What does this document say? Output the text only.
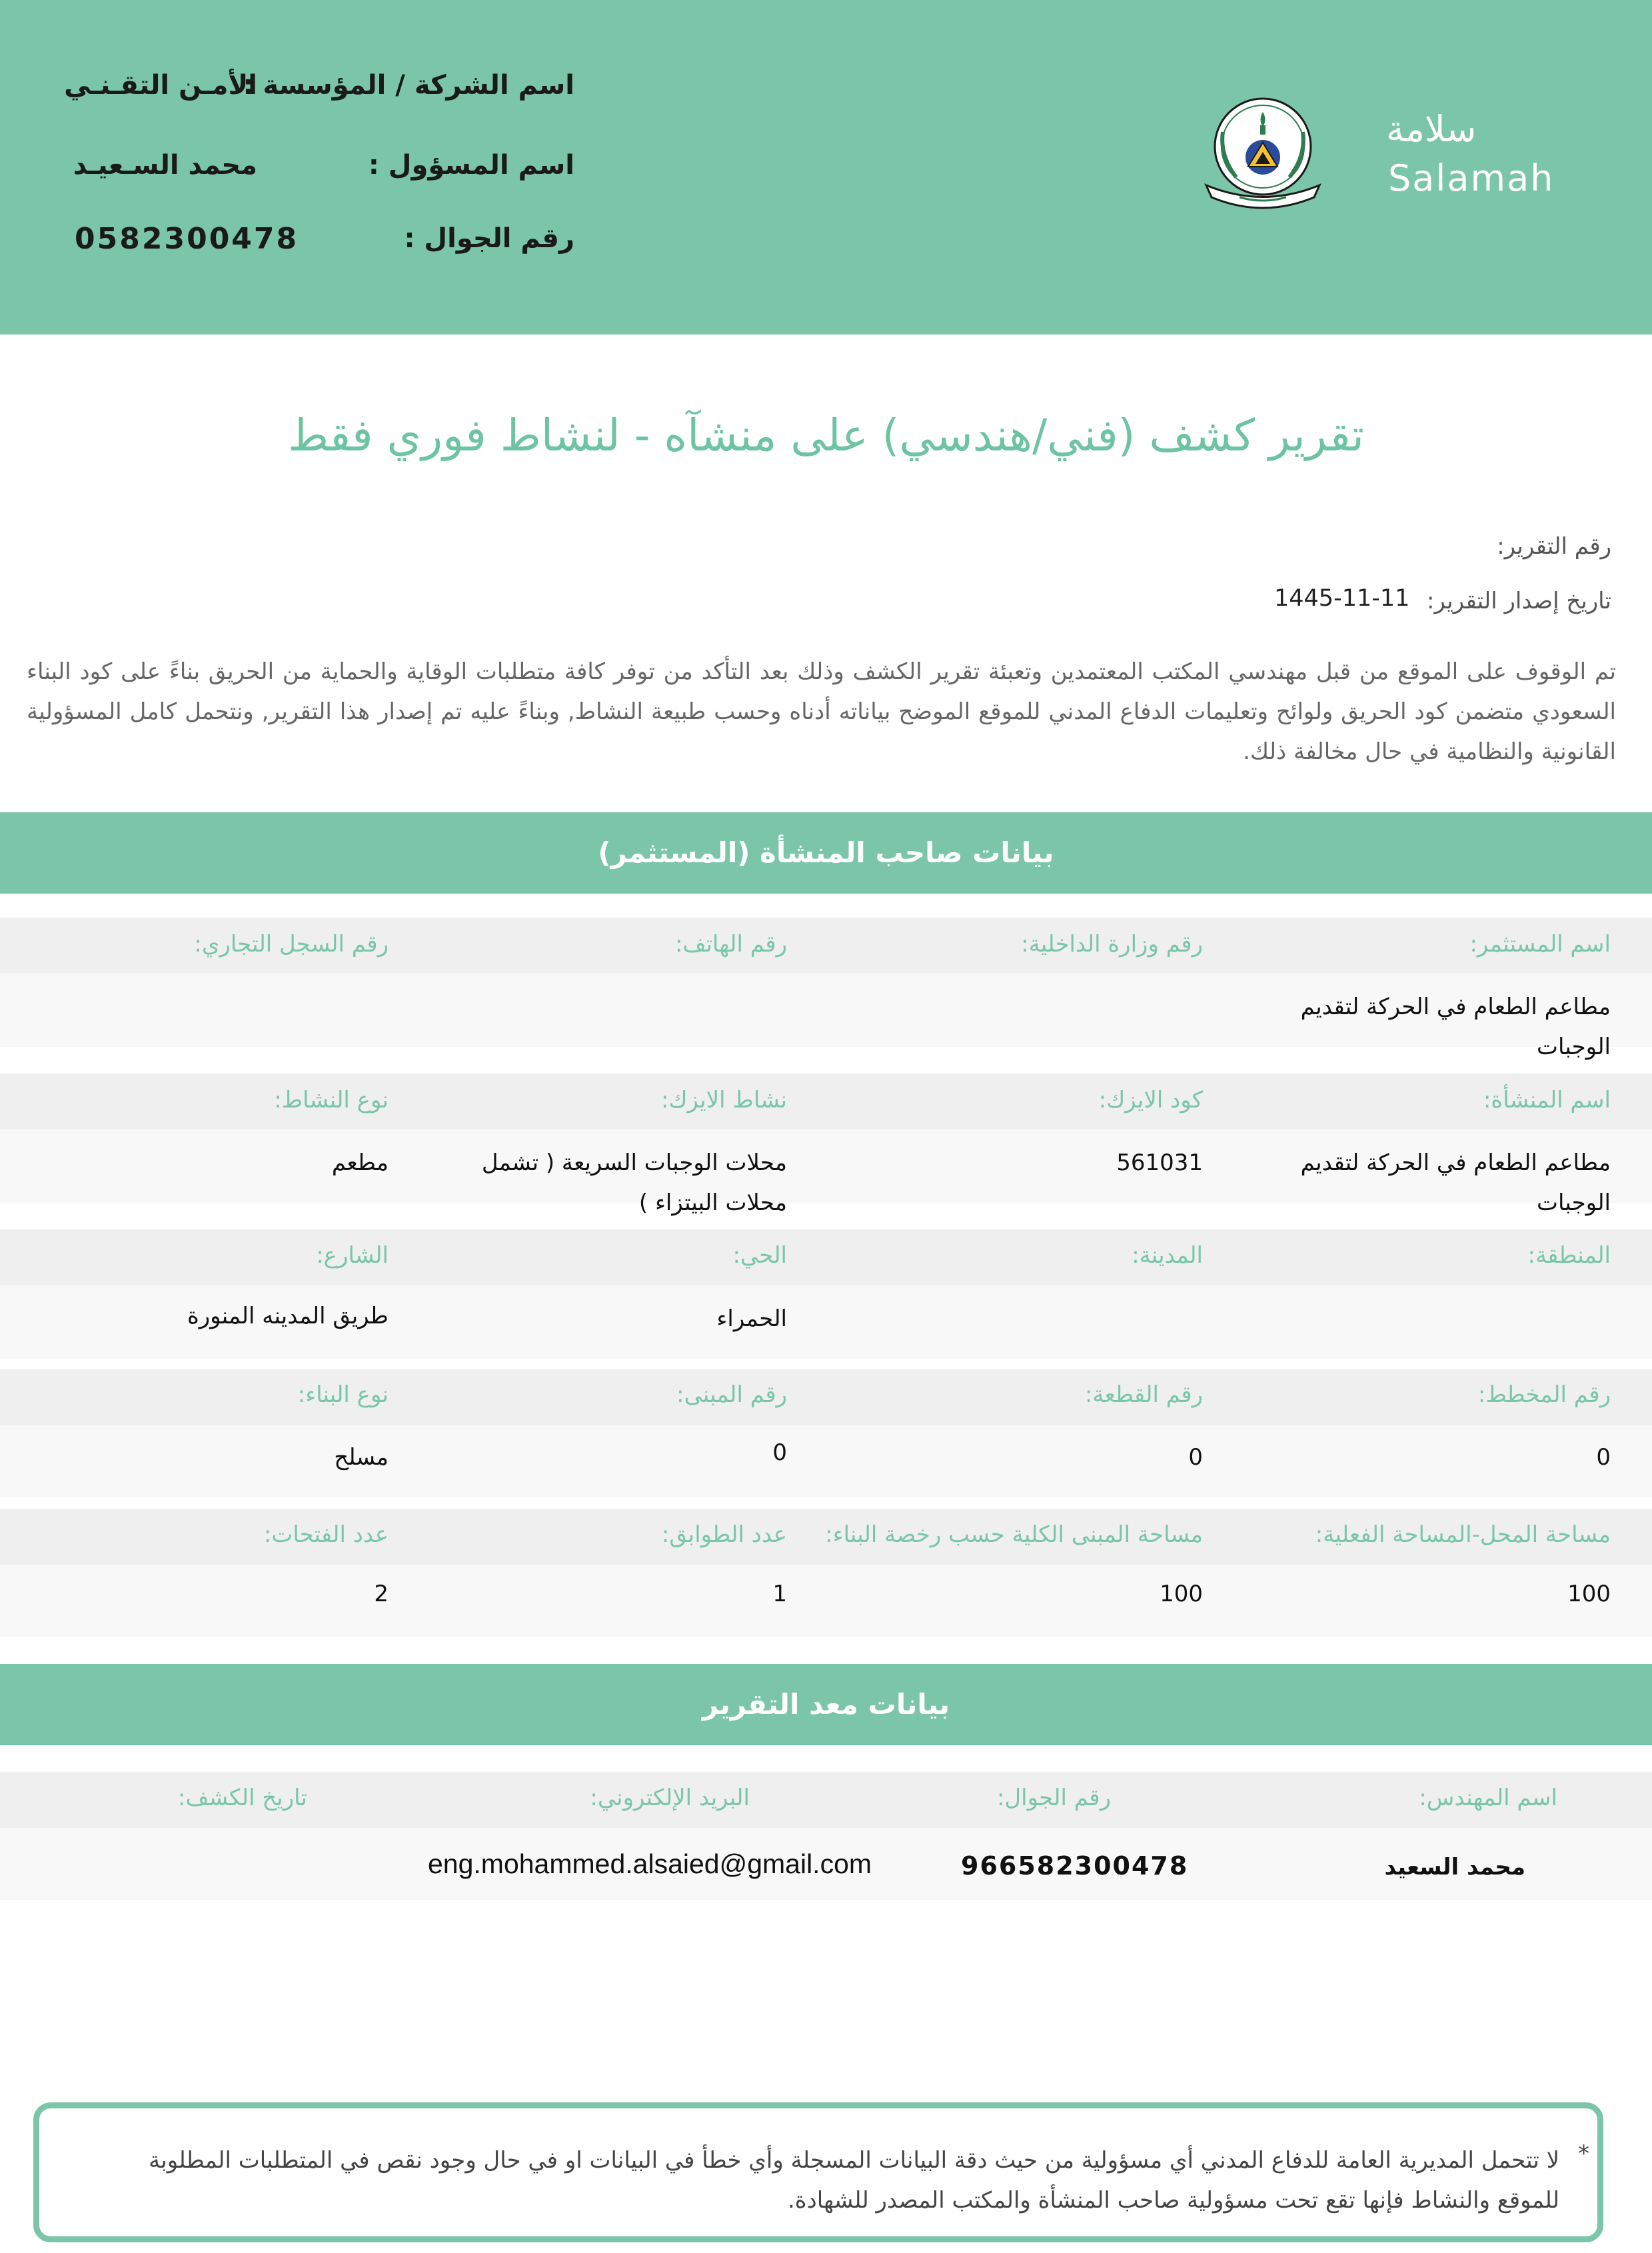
اسم الشركة / المؤسسة :
الأمـن التقـنـي
اسم المسؤول :
محمد السـعيـد
رقم الجوال :
0582300478
سلامة
Salamah
تقرير كشف (فني/هندسي) على منشآه - لنشاط فوري فقط
رقم التقرير:
تاريخ إصدار التقرير:
1445-11-11
تم الوقوف على الموقع من قبل مهندسي المكتب المعتمدين وتعبئة تقرير الكشف وذلك بعد التأكد من توفر كافة متطلبات الوقاية والحماية من الحريق بناءً على كود البناء السعودي متضمن كود الحريق ولوائح وتعليمات الدفاع المدني للموقع الموضح بياناته أدناه وحسب طبيعة النشاط, وبناءً عليه تم إصدار هذا التقرير, ونتحمل كامل المسؤولية القانونية والنظامية في حال مخالفة ذلك.
بيانات صاحب المنشأة (المستثمر)
اسم المستثمر:
رقم وزارة الداخلية:
رقم الهاتف:
رقم السجل التجاري:
مطاعم الطعام في الحركة لتقديم الوجبات
اسم المنشأة:
كود الايزك:
نشاط الايزك:
نوع النشاط:
مطاعم الطعام في الحركة لتقديم الوجبات
561031
محلات الوجبات السريعة ( تشمل محلات البيتزاء )
مطعم
المنطقة:
المدينة:
الحي:
الشارع:
الحمراء
طريق المدينه المنورة
رقم المخطط:
رقم القطعة:
رقم المبنى:
نوع البناء:
0
0
0
مسلح
مساحة المحل-المساحة الفعلية:
مساحة المبنى الكلية حسب رخصة البناء:
عدد الطوابق:
عدد الفتحات:
100
100
1
2
بيانات معد التقرير
اسم المهندس:
رقم الجوال:
البريد الإلكتروني:
تاريخ الكشف:
محمد السعيد
966582300478
eng.mohammed.alsaied@gmail.com
*
لا تتحمل المديرية العامة للدفاع المدني أي مسؤولية من حيث دقة البيانات المسجلة وأي خطأ في البيانات او في حال وجود نقص في المتطلبات المطلوبة للموقع والنشاط فإنها تقع تحت مسؤولية صاحب المنشأة والمكتب المصدر للشهادة.
